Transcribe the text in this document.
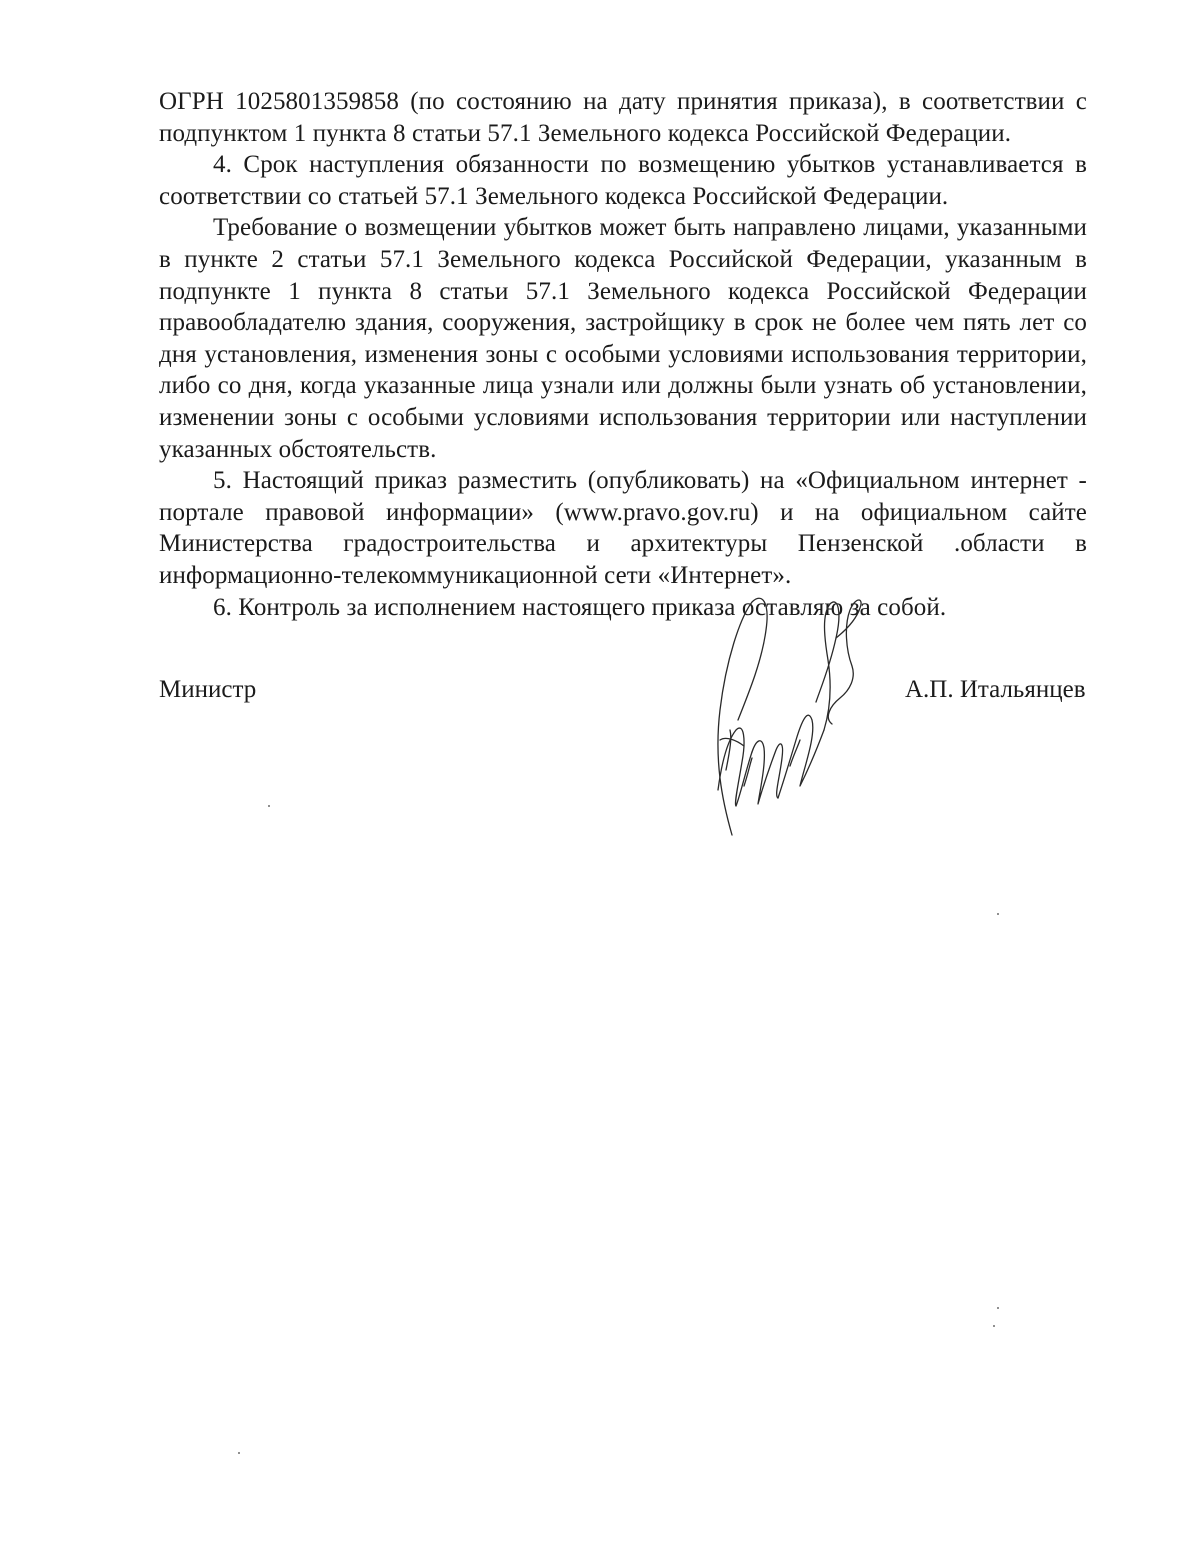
ОГРН 1025801359858 (по состоянию на дату принятия приказа), в соответствии с подпунктом 1 пункта 8 статьи 57.1 Земельного кодекса Российской Федерации.

4. Срок наступления обязанности по возмещению убытков устанавливается в соответствии со статьей 57.1 Земельного кодекса Российской Федерации.

Требование о возмещении убытков может быть направлено лицами, указанными в пункте 2 статьи 57.1 Земельного кодекса Российской Федерации, указанным в подпункте 1 пункта 8 статьи 57.1 Земельного кодекса Российской Федерации правообладателю здания, сооружения, застройщику в срок не более чем пять лет со дня установления, изменения зоны с особыми условиями использования территории, либо со дня, когда указанные лица узнали или должны были узнать об установлении, изменении зоны с особыми условиями использования территории или наступлении указанных обстоятельств.

5. Настоящий приказ разместить (опубликовать) на «Официальном интернет - портале правовой информации» (www.pravo.gov.ru) и на официальном сайте Министерства градостроительства и архитектуры Пензенской .области в информационно-телекоммуникационной сети «Интернет».

6. Контроль за исполнением настоящего приказа оставляю за собой.

Министр	А.П. Итальянцев
